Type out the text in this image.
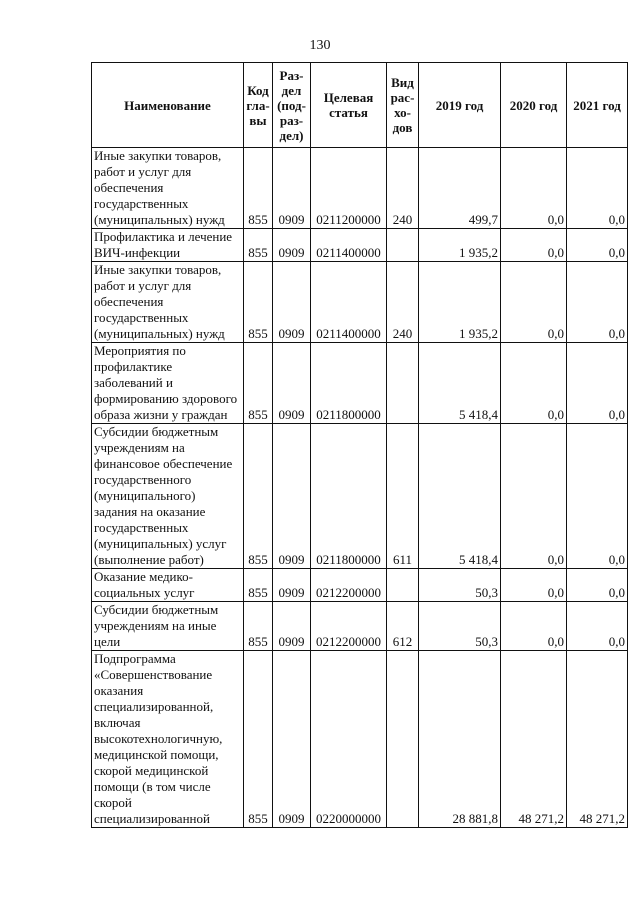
130
Наименование	Код гла-вы	Раз-дел (под-раз-дел)	Целевая статья	Вид рас-хо-дов	2019 год	2020 год	2021 год
Иные закупки товаров, работ и услуг для обеспечения государственных (муниципальных) нужд	855	0909	0211200000	240	499,7	0,0	0,0
Профилактика и лечение ВИЧ-инфекции	855	0909	0211400000		1 935,2	0,0	0,0
Иные закупки товаров, работ и услуг для обеспечения государственных (муниципальных) нужд	855	0909	0211400000	240	1 935,2	0,0	0,0
Мероприятия по профилактике заболеваний и формированию здорового образа жизни у граждан	855	0909	0211800000		5 418,4	0,0	0,0
Субсидии бюджетным учреждениям на финансовое обеспечение государственного (муниципального) задания на оказание государственных (муниципальных) услуг (выполнение работ)	855	0909	0211800000	611	5 418,4	0,0	0,0
Оказание медико-социальных услуг	855	0909	0212200000		50,3	0,0	0,0
Субсидии бюджетным учреждениям на иные цели	855	0909	0212200000	612	50,3	0,0	0,0
Подпрограмма «Совершенствование оказания специализированной, включая высокотехнологичную, медицинской помощи, скорой медицинской помощи (в том числе скорой специализированной	855	0909	0220000000		28 881,8	48 271,2	48 271,2
